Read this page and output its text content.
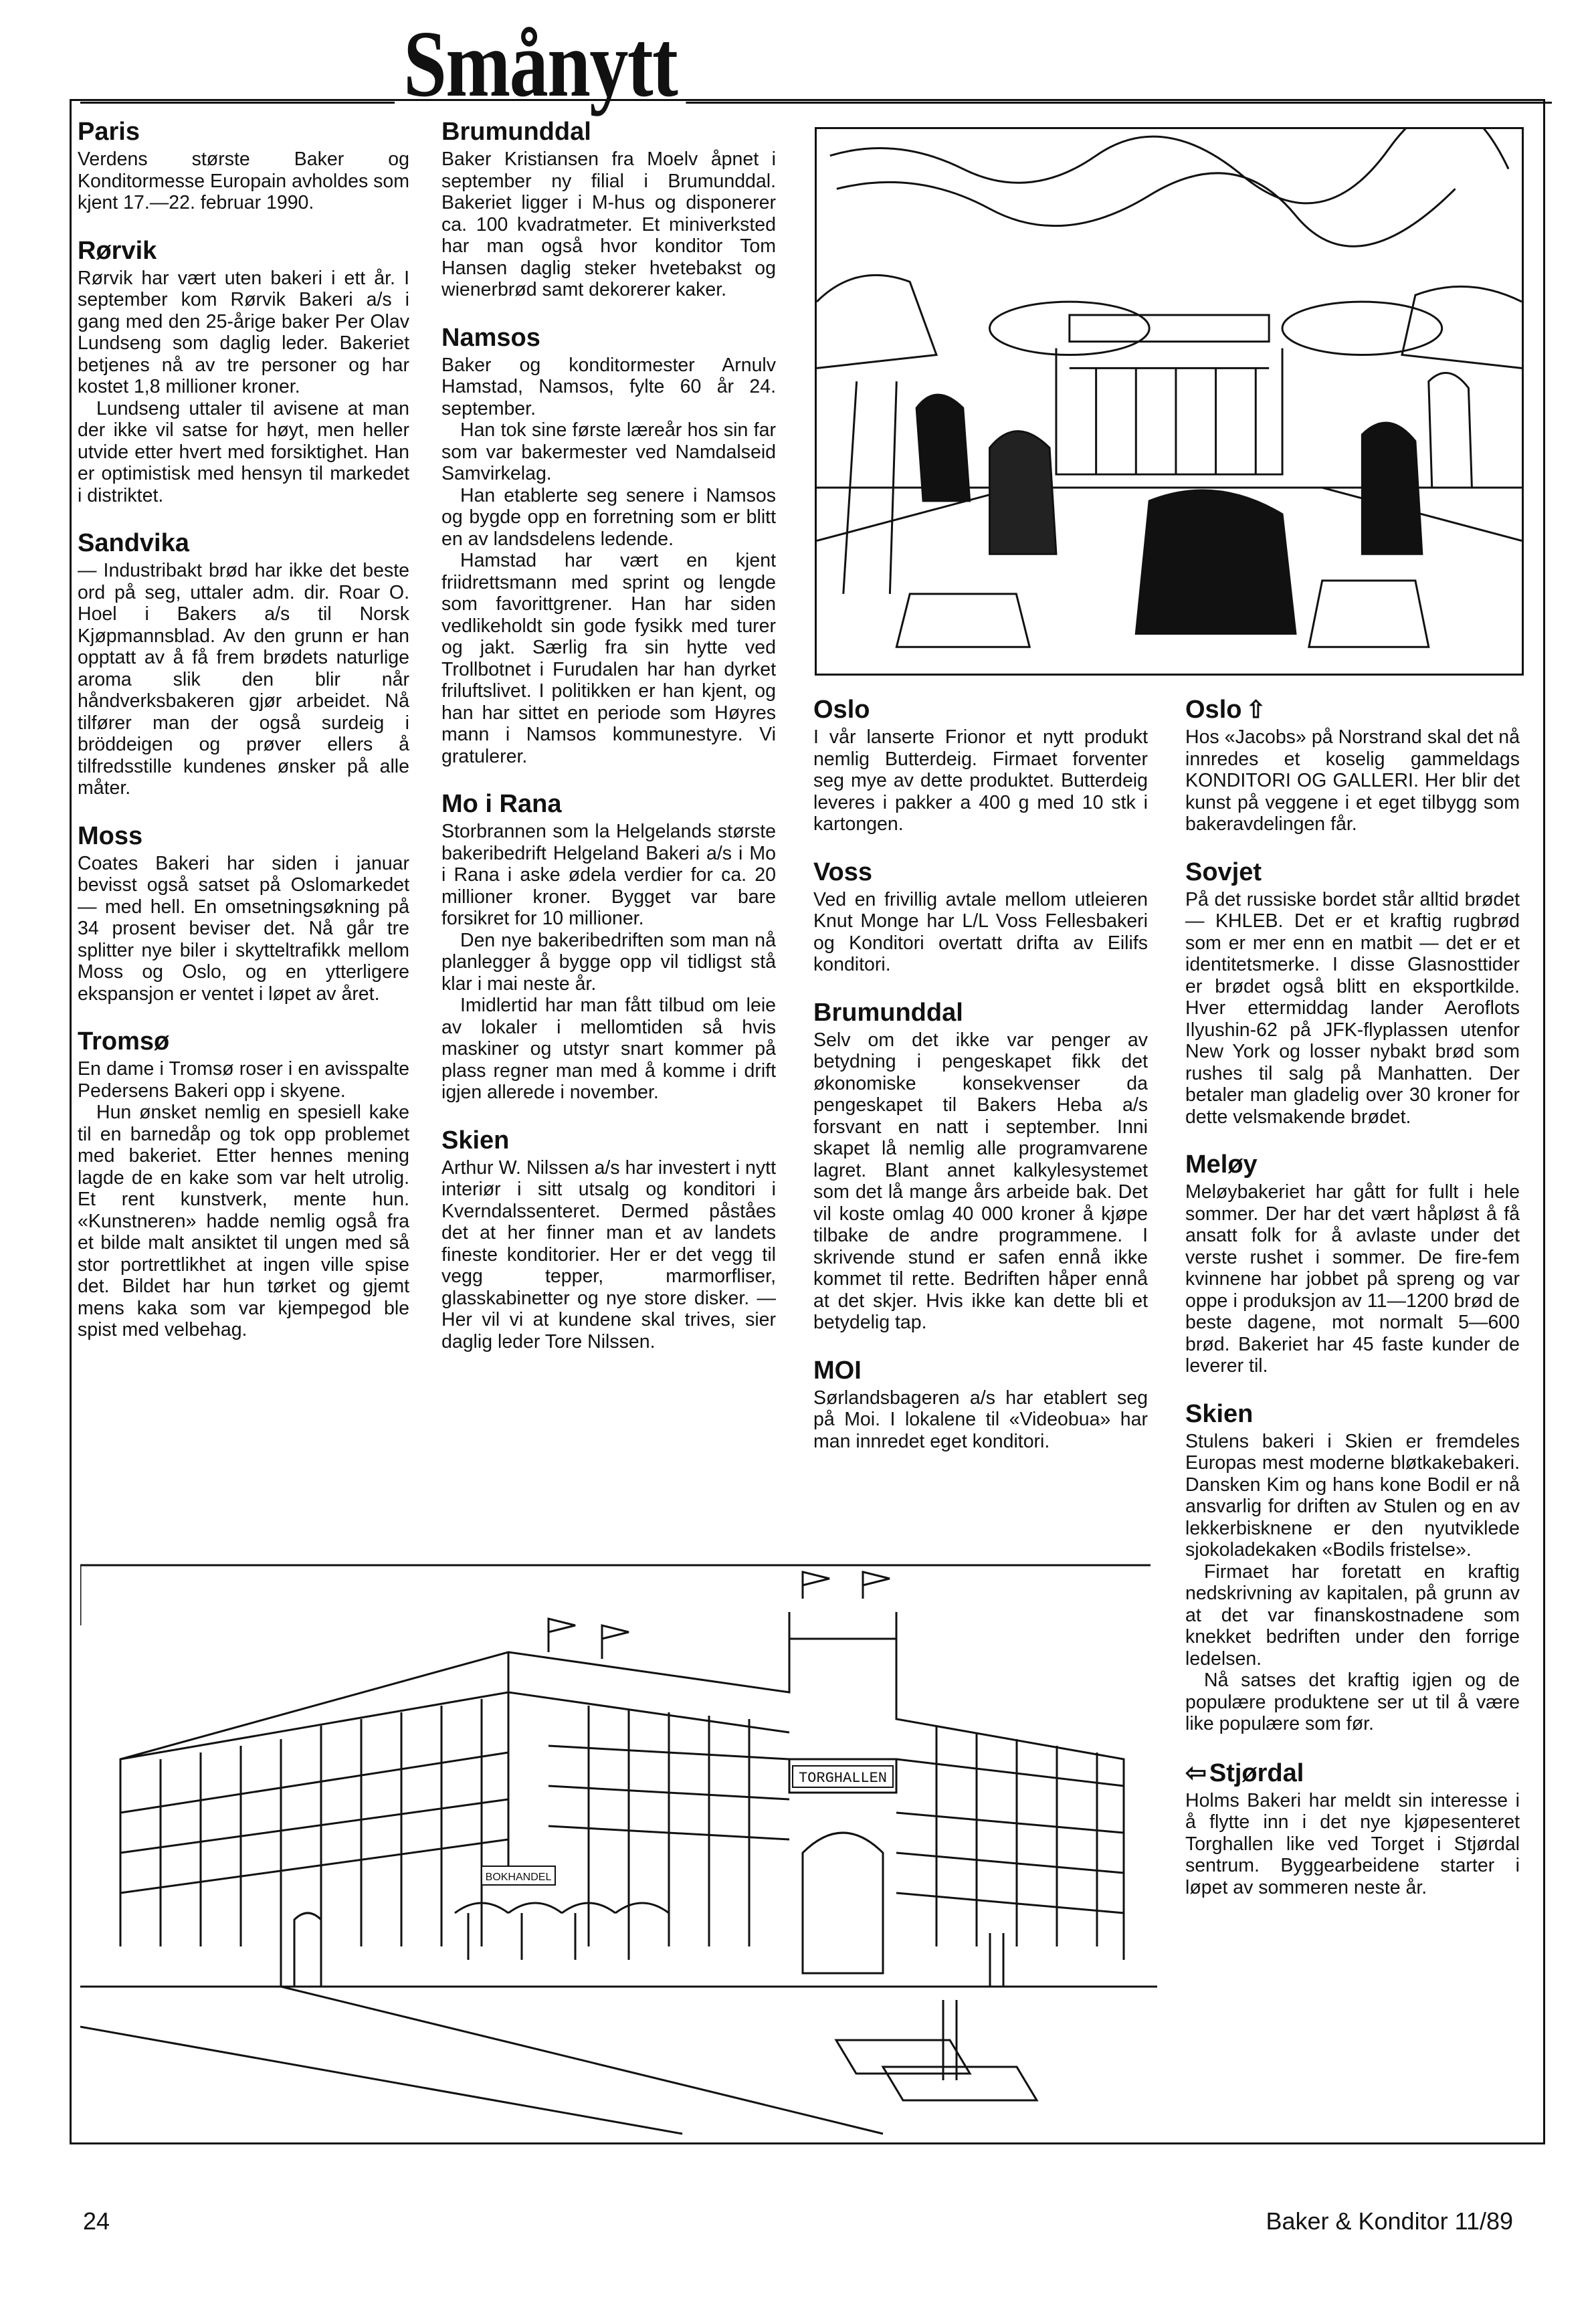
Smånytt
Paris

Verdens største Baker og Konditormesse Europain avholdes som kjent 17.—22. februar 1990.

Rørvik

Rørvik har vært uten bakeri i ett år. I september kom Rørvik Bakeri a/s i gang med den 25-årige baker Per Olav Lundseng som daglig leder. Bakeriet betjenes nå av tre personer og har kostet 1,8 millioner kroner.

Lundseng uttaler til avisene at man der ikke vil satse for høyt, men heller utvide etter hvert med forsiktighet. Han er optimistisk med hensyn til markedet i distriktet.

Sandvika

— Industribakt brød har ikke det beste ord på seg, uttaler adm. dir. Roar O. Hoel i Bakers a/s til Norsk Kjøpmannsblad. Av den grunn er han opptatt av å få frem brødets naturlige aroma slik den blir når håndverksbakeren gjør arbeidet. Nå tilfører man der også surdeig i bröddeigen og prøver ellers å tilfredsstille kundenes ønsker på alle måter.

Moss

Coates Bakeri har siden i januar bevisst også satset på Oslomarkedet — med hell. En omsetningsøkning på 34 prosent beviser det. Nå går tre splitter nye biler i skytteltrafikk mellom Moss og Oslo, og en ytterligere ekspansjon er ventet i løpet av året.

Tromsø

En dame i Tromsø roser i en avisspalte Pedersens Bakeri opp i skyene.

Hun ønsket nemlig en spesiell kake til en barnedåp og tok opp problemet med bakeriet. Etter hennes mening lagde de en kake som var helt utrolig. Et rent kunstverk, mente hun. «Kunstneren» hadde nemlig også fra et bilde malt ansiktet til ungen med så stor portrettlikhet at ingen ville spise det. Bildet har hun tørket og gjemt mens kaka som var kjempegod ble spist med velbehag.

Brumunddal

Baker Kristiansen fra Moelv åpnet i september ny filial i Brumunddal. Bakeriet ligger i M-hus og disponerer ca. 100 kvadratmeter. Et miniverksted har man også hvor konditor Tom Hansen daglig steker hvetebakst og wienerbrød samt dekorerer kaker.

Namsos

Baker og konditormester Arnulv Hamstad, Namsos, fylte 60 år 24. september.

Han tok sine første læreår hos sin far som var bakermester ved Namdalseid Samvirkelag.

Han etablerte seg senere i Namsos og bygde opp en forretning som er blitt en av landsdelens ledende.

Hamstad har vært en kjent friidrettsmann med sprint og lengde som favorittgrener. Han har siden vedlikeholdt sin gode fysikk med turer og jakt. Særlig fra sin hytte ved Trollbotnet i Furudalen har han dyrket friluftslivet. I politikken er han kjent, og han har sittet en periode som Høyres mann i Namsos kommunestyre. Vi gratulerer.

Mo i Rana

Storbrannen som la Helgelands største bakeribedrift Helgeland Bakeri a/s i Mo i Rana i aske ødela verdier for ca. 20 millioner kroner. Bygget var bare forsikret for 10 millioner.

Den nye bakeribedriften som man nå planlegger å bygge opp vil tidligst stå klar i mai neste år.

Imidlertid har man fått tilbud om leie av lokaler i mellomtiden så hvis maskiner og utstyr snart kommer på plass regner man med å komme i drift igjen allerede i november.

Skien

Arthur W. Nilssen a/s har investert i nytt interiør i sitt utsalg og konditori i Kverndalssenteret. Dermed påståes det at her finner man et av landets fineste konditorier. Her er det vegg til vegg tepper, marmorfliser, glasskabinetter og nye store disker. — Her vil vi at kundene skal trives, sier daglig leder Tore Nilssen.

Oslo

I vår lanserte Frionor et nytt produkt nemlig Butterdeig. Firmaet forventer seg mye av dette produktet. Butterdeig leveres i pakker a 400 g med 10 stk i kartongen.

Voss

Ved en frivillig avtale mellom utleieren Knut Monge har L/L Voss Fellesbakeri og Konditori overtatt drifta av Eilifs konditori.

Brumunddal

Selv om det ikke var penger av betydning i pengeskapet fikk det økonomiske konsekvenser da pengeskapet til Bakers Heba a/s forsvant en natt i september. Inni skapet lå nemlig alle programvarene lagret. Blant annet kalkylesystemet som det lå mange års arbeide bak. Det vil koste omlag 40 000 kroner å kjøpe tilbake de andre programmene. I skrivende stund er safen ennå ikke kommet til rette. Bedriften håper ennå at det skjer. Hvis ikke kan dette bli et betydelig tap.

MOI

Sørlandsbageren a/s har etablert seg på Moi. I lokalene til «Videobua» har man innredet eget konditori.

Oslo ⇧

Hos «Jacobs» på Norstrand skal det nå innredes et koselig gammeldags KONDITORI OG GALLERI. Her blir det kunst på veggene i et eget tilbygg som bakeravdelingen får.

Sovjet

På det russiske bordet står alltid brødet — KHLEB. Det er et kraftig rugbrød som er mer enn en matbit — det er et identitetsmerke. I disse Glasnosttider er brødet også blitt en eksportkilde. Hver ettermiddag lander Aeroflots Ilyushin-62 på JFK-flyplassen utenfor New York og losser nybakt brød som rushes til salg på Manhatten. Der betaler man gladelig over 30 kroner for dette velsmakende brødet.

Meløy

Meløybakeriet har gått for fullt i hele sommer. Der har det vært håpløst å få ansatt folk for å avlaste under det verste rushet i sommer. De fire-fem kvinnene har jobbet på spreng og var oppe i produksjon av 11—1200 brød de beste dagene, mot normalt 5—600 brød. Bakeriet har 45 faste kunder de leverer til.

Skien

Stulens bakeri i Skien er fremdeles Europas mest moderne bløtkakebakeri. Dansken Kim og hans kone Bodil er nå ansvarlig for driften av Stulen og en av lekkerbisknene er den nyutviklede sjokoladekaken «Bodils fristelse».

Firmaet har foretatt en kraftig nedskrivning av kapitalen, på grunn av at det var finanskostnadene som knekket bedriften under den forrige ledelsen.

Nå satses det kraftig igjen og de populære produktene ser ut til å være like populære som før.

⇦ Stjørdal

Holms Bakeri har meldt sin interesse i å flytte inn i det nye kjøpesenteret Torghallen like ved Torget i Stjørdal sentrum. Byggearbeidene starter i løpet av sommeren neste år.

TORGHALLEN
BOKHANDEL
24	Baker & Konditor 11/89
